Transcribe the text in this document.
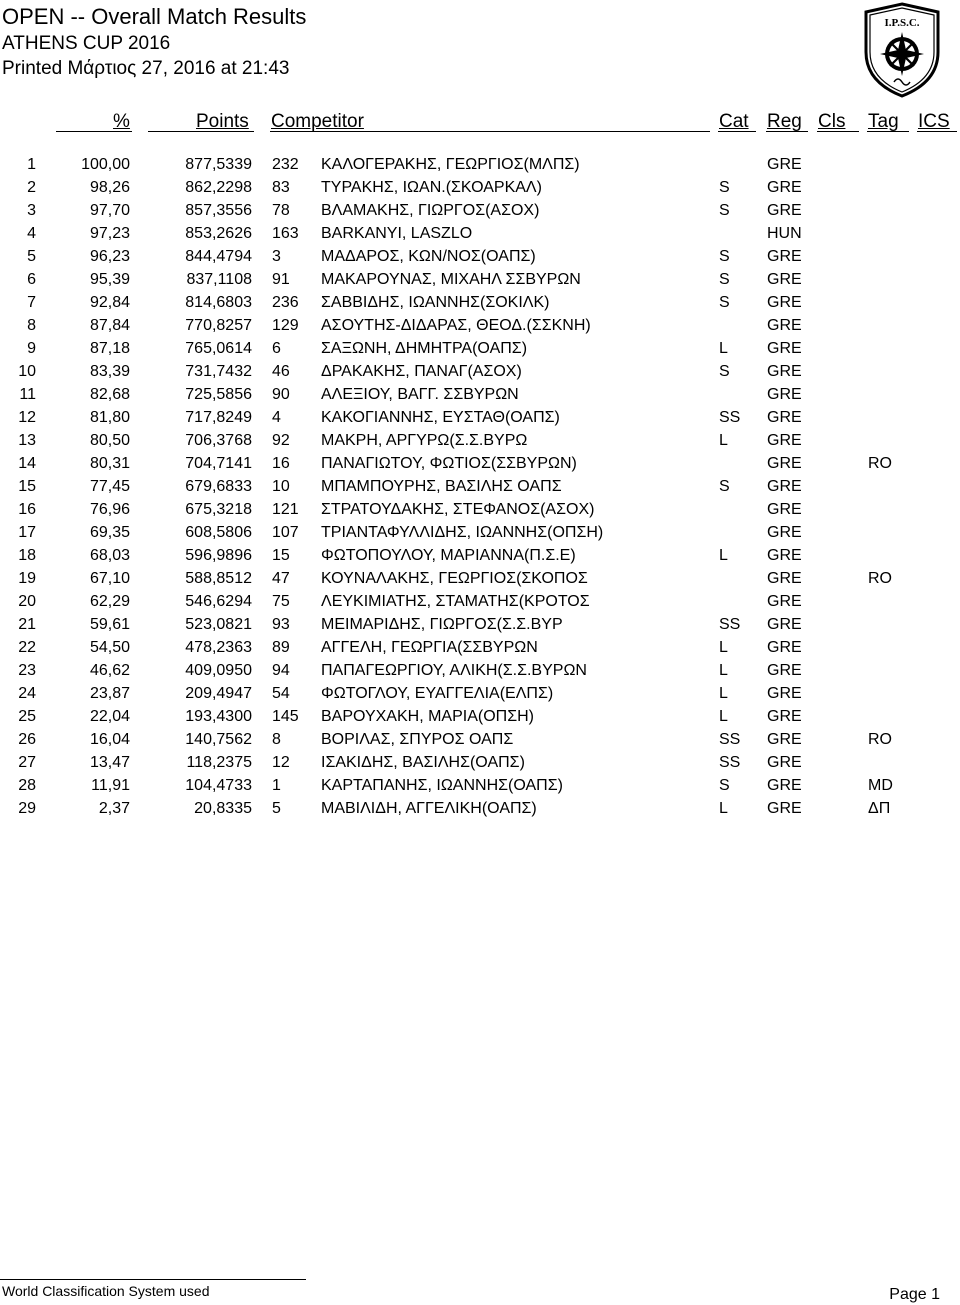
OPEN -- Overall Match Results
ATHENS CUP 2016
Printed Μάρτιος 27, 2016 at 21:43
I.P.S.C.
%	Points Competitor	Cat Reg Cls Tag ICS
1	100,00	877,5339 232 ΚΑΛΟΓΕΡΑΚΗΣ, ΓΕΩΡΓΙΟΣ(ΜΛΠΣ)	GRE
2	98,26	862,2298 83 ΤΥΡΑΚΗΣ, ΙΩΑΝ.(ΣΚΟΑΡΚΑΛ)	S GRE
3	97,70	857,3556 78 ΒΛΑΜΑΚΗΣ, ΓΙΩΡΓΟΣ(ΑΣΟΧ)	S GRE
4	97,23	853,2626 163 BARKANYI, LASZLO	HUN
5	96,23	844,4794 3	ΜΑΔΑΡΟΣ, ΚΩΝ/ΝΟΣ(ΟΑΠΣ)	S GRE
6	95,39	837,1108 91 ΜΑΚΑΡΟΥΝΑΣ, ΜΙΧΑΗΛ ΣΣΒΥΡΩΝ	S GRE
7	92,84	814,6803 236 ΣΑΒΒΙΔΗΣ, ΙΩΑΝΝΗΣ(ΣΟΚΙΛΚ)	S GRE
8	87,84	770,8257 129 ΑΣΟΥΤΗΣ-ΔΙΔΑΡΑΣ, ΘΕΟΔ.(ΣΣΚΝΗ)	GRE
9	87,18	765,0614 6	ΣΑΞΩΝΗ, ΔΗΜΗΤΡΑ(ΟΑΠΣ)	L GRE
10	83,39	731,7432 46 ΔΡΑΚΑΚΗΣ, ΠΑΝΑΓ(ΑΣΟΧ)	S GRE
11	82,68	725,5856 90 ΑΛΕΞΙΟΥ, ΒΑΓΓ. ΣΣΒΥΡΩΝ	GRE
12	81,80	717,8249 4	ΚΑΚΟΓΙΑΝΝΗΣ, ΕΥΣΤΑΘ(ΟΑΠΣ)	SS GRE
13	80,50	706,3768 92 ΜΑΚΡΗ, ΑΡΓΥΡΩ(Σ.Σ.ΒΥΡΩ	L GRE
14	80,31	704,7141 16 ΠΑΝΑΓΙΩΤΟΥ, ΦΩΤΙΟΣ(ΣΣΒΥΡΩΝ)	GRE	RO
15	77,45	679,6833 10 ΜΠΑΜΠΟΥΡΗΣ, ΒΑΣΙΛΗΣ ΟΑΠΣ	S GRE
16	76,96	675,3218 121 ΣΤΡΑΤΟΥΔΑΚΗΣ, ΣΤΕΦΑΝΟΣ(ΑΣΟΧ)	GRE
17	69,35	608,5806 107 ΤΡΙΑΝΤΑΦΥΛΛΙΔΗΣ, ΙΩΑΝΝΗΣ(ΟΠΣΗ)	GRE
18	68,03	596,9896 15 ΦΩΤΟΠΟΥΛΟΥ, ΜΑΡΙΑΝΝΑ(Π.Σ.Ε)	L GRE
19	67,10	588,8512 47 ΚΟΥΝΑΛΑΚΗΣ, ΓΕΩΡΓΙΟΣ(ΣΚΟΠΟΣ	GRE	RO
20	62,29	546,6294 75 ΛΕΥΚΙΜΙΑΤΗΣ, ΣΤΑΜΑΤΗΣ(ΚΡΟΤΟΣ	GRE
21	59,61	523,0821 93 ΜΕΙΜΑΡΙΔΗΣ, ΓΙΩΡΓΟΣ(Σ.Σ.ΒΥΡ	SS GRE
22	54,50	478,2363 89 ΑΓΓΕΛΗ, ΓΕΩΡΓΙΑ(ΣΣΒΥΡΩΝ	L GRE
23	46,62	409,0950 94 ΠΑΠΑΓΕΩΡΓΙΟΥ, ΑΛΙΚΗ(Σ.Σ.ΒΥΡΩΝ	L GRE
24	23,87	209,4947 54 ΦΩΤΟΓΛΟΥ, ΕΥΑΓΓΕΛΙΑ(ΕΛΠΣ)	L GRE
25	22,04	193,4300 145 ΒΑΡΟΥΧΑΚΗ, ΜΑΡΙΑ(ΟΠΣΗ)	L GRE
26	16,04	140,7562 8	ΒΟΡΙΛΑΣ, ΣΠΥΡΟΣ ΟΑΠΣ	SS GRE	RO
27	13,47	118,2375 12 ΙΣΑΚΙΔΗΣ, ΒΑΣΙΛΗΣ(ΟΑΠΣ)	SS GRE
28	11,91	104,4733 1	ΚΑΡΤΑΠΑΝΗΣ, ΙΩΑΝΝΗΣ(ΟΑΠΣ)	S GRE	MD
29	2,37	20,8335 5	ΜΑΒΙΛΙΔΗ, ΑΓΓΕΛΙΚΗ(ΟΑΠΣ)	L GRE	ΔΠ
World Classification System used	Page 1
